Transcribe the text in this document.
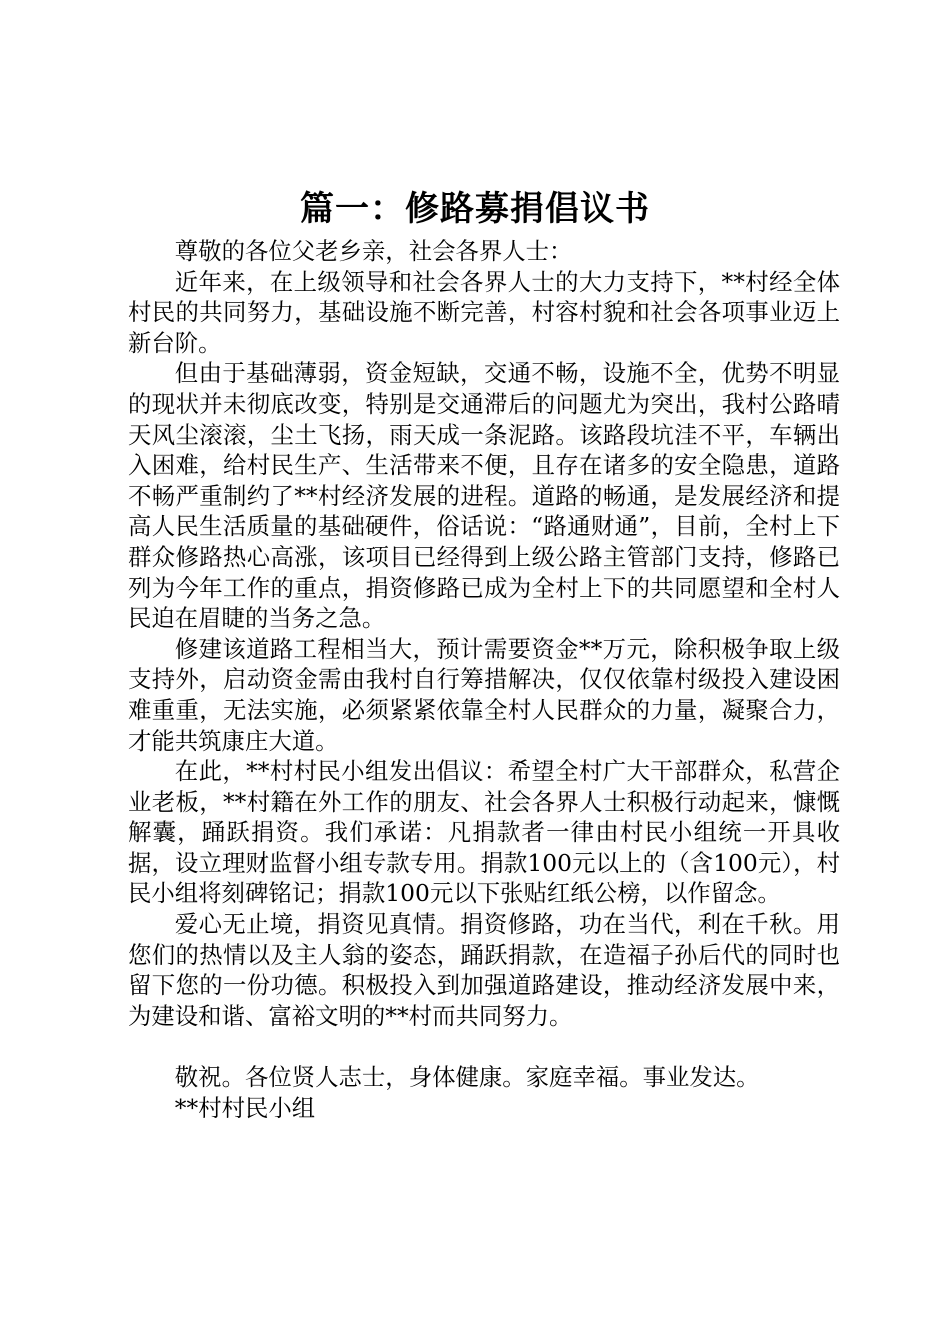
篇一：修路募捐倡议书

尊敬的各位父老乡亲，社会各界人士：

近年来，在上级领导和社会各界人士的大力支持下，**村经全体村民的共同努力，基础设施不断完善，村容村貌和社会各项事业迈上新台阶。

但由于基础薄弱，资金短缺，交通不畅，设施不全，优势不明显的现状并未彻底改变，特别是交通滞后的问题尤为突出，我村公路晴天风尘滚滚，尘土飞扬，雨天成一条泥路。该路段坑洼不平，车辆出入困难，给村民生产、生活带来不便，且存在诸多的安全隐患，道路不畅严重制约了**村经济发展的进程。道路的畅通，是发展经济和提高人民生活质量的基础硬件，俗话说：“路通财通”，目前，全村上下群众修路热心高涨，该项目已经得到上级公路主管部门支持，修路已列为今年工作的重点，捐资修路已成为全村上下的共同愿望和全村人民迫在眉睫的当务之急。

修建该道路工程相当大，预计需要资金**万元，除积极争取上级支持外，启动资金需由我村自行筹措解决，仅仅依靠村级投入建设困难重重，无法实施，必须紧紧依靠全村人民群众的力量，凝聚合力，才能共筑康庄大道。

在此，**村村民小组发出倡议：希望全村广大干部群众，私营企业老板，**村籍在外工作的朋友、社会各界人士积极行动起来，慷慨解囊，踊跃捐资。我们承诺：凡捐款者一律由村民小组统一开具收据，设立理财监督小组专款专用。捐款100元以上的（含100元），村民小组将刻碑铭记；捐款100元以下张贴红纸公榜，以作留念。

爱心无止境，捐资见真情。捐资修路，功在当代，利在千秋。用您们的热情以及主人翁的姿态，踊跃捐款，在造福子孙后代的同时也留下您的一份功德。积极投入到加强道路建设，推动经济发展中来，为建设和谐、富裕文明的**村而共同努力。

敬祝。各位贤人志士，身体健康。家庭幸福。事业发达。

**村村民小组
